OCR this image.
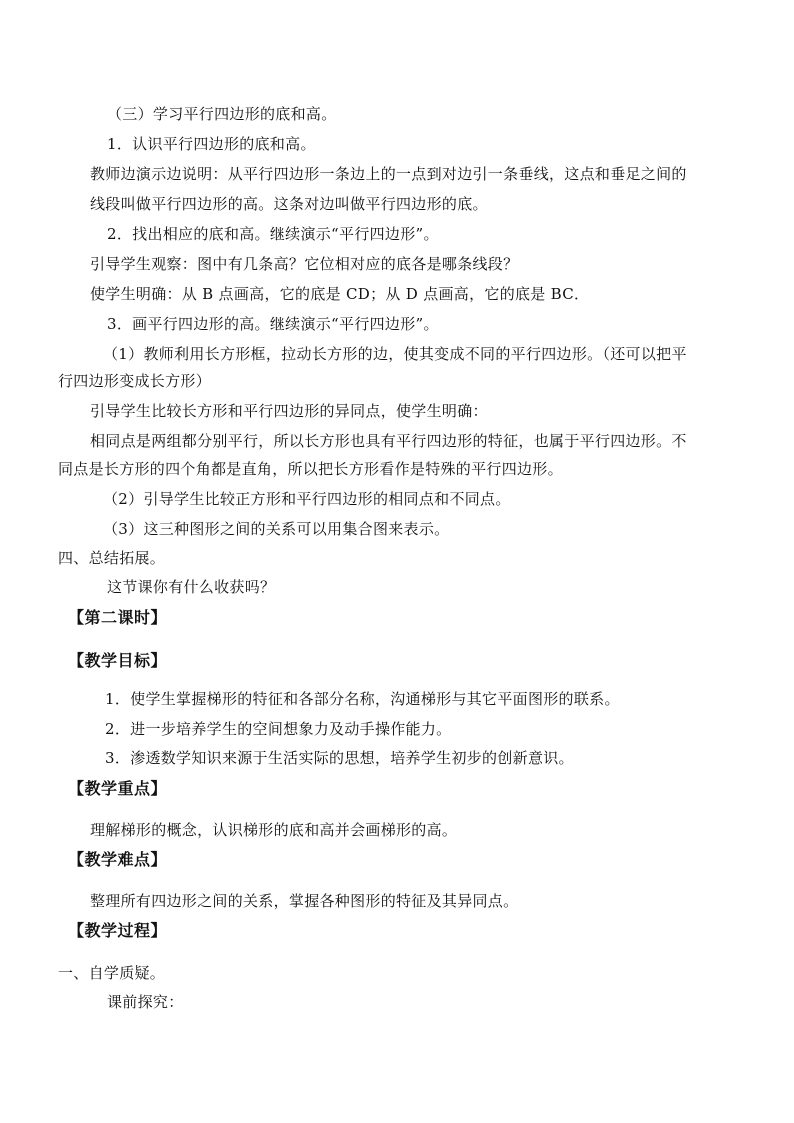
（三）学习平行四边形的底和高。
1．认识平行四边形的底和高。
教师边演示边说明：从平行四边形一条边上的一点到对边引一条垂线，这点和垂足之间的
线段叫做平行四边形的高。这条对边叫做平行四边形的底。
2．找出相应的底和高。继续演示“平行四边形”。
引导学生观察：图中有几条高？它位相对应的底各是哪条线段？
使学生明确：从 B 点画高，它的底是 CD；从 D 点画高，它的底是 BC．
3．画平行四边形的高。继续演示“平行四边形”。
（1）教师利用长方形框，拉动长方形的边，使其变成不同的平行四边形。（还可以把平
行四边形变成长方形）
引导学生比较长方形和平行四边形的异同点，使学生明确：
相同点是两组都分别平行，所以长方形也具有平行四边形的特征，也属于平行四边形。不
同点是长方形的四个角都是直角，所以把长方形看作是特殊的平行四边形。
（2）引导学生比较正方形和平行四边形的相同点和不同点。
（3）这三种图形之间的关系可以用集合图来表示。
四、总结拓展。
这节课你有什么收获吗？
【第二课时】
【教学目标】
1．使学生掌握梯形的特征和各部分名称，沟通梯形与其它平面图形的联系。
2．进一步培养学生的空间想象力及动手操作能力。
3．渗透数学知识来源于生活实际的思想，培养学生初步的创新意识。
【教学重点】
理解梯形的概念，认识梯形的底和高并会画梯形的高。
【教学难点】
整理所有四边形之间的关系，掌握各种图形的特征及其异同点。
【教学过程】
一、自学质疑。
课前探究：
